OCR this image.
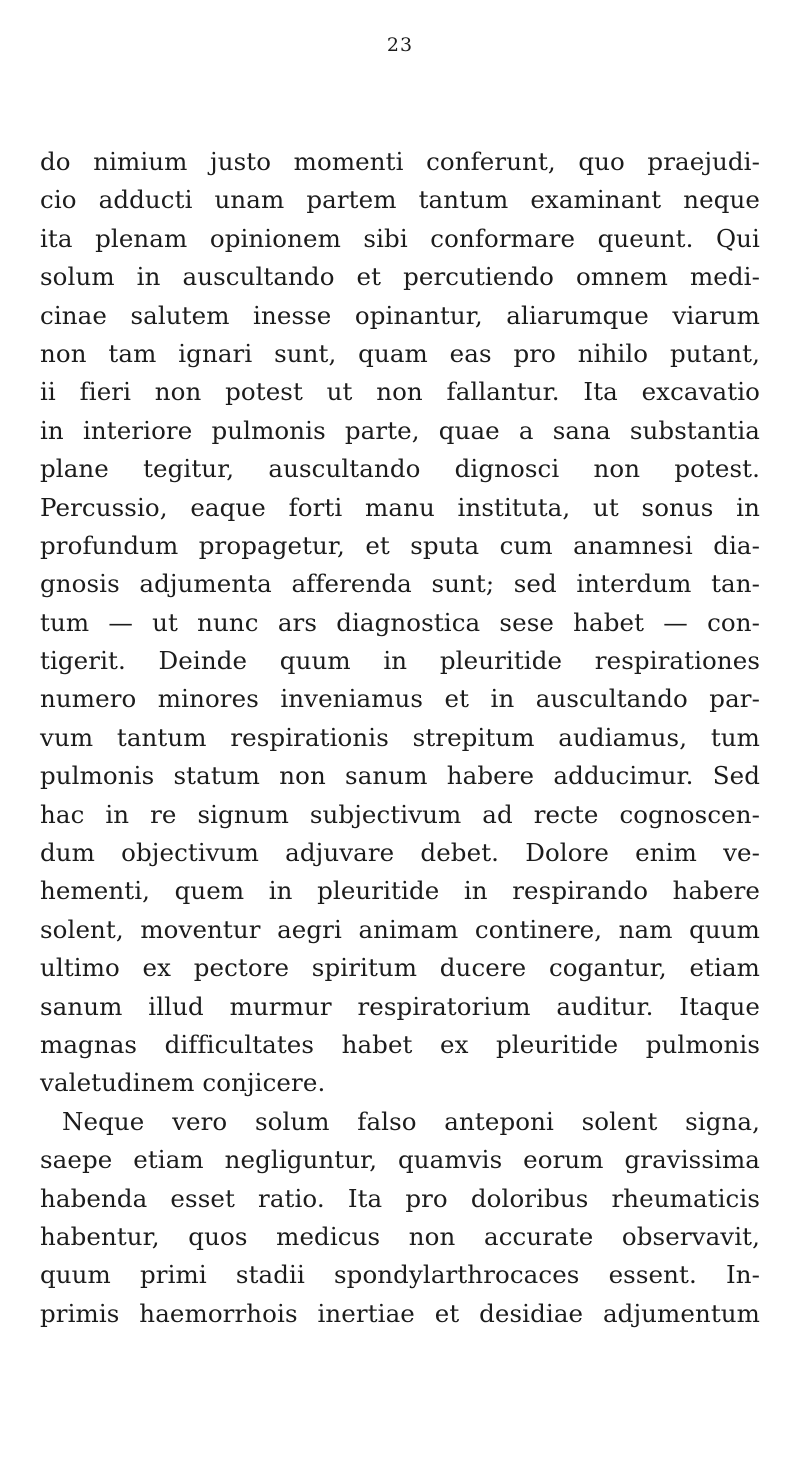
23
do nimium justo momenti conferunt, quo praejudi-
cio adducti unam partem tantum examinant neque
ita plenam opinionem sibi conformare queunt. Qui
solum in auscultando et percutiendo omnem medi-
cinae salutem inesse opinantur, aliarumque viarum
non tam ignari sunt, quam eas pro nihilo putant,
ii fieri non potest ut non fallantur. Ita excavatio
in interiore pulmonis parte, quae a sana substantia
plane tegitur, auscultando dignosci non potest.
Percussio, eaque forti manu instituta, ut sonus in
profundum propagetur, et sputa cum anamnesi dia-
gnosis adjumenta afferenda sunt; sed interdum tan-
tum — ut nunc ars diagnostica sese habet — con-
tigerit. Deinde quum in pleuritide respirationes
numero minores inveniamus et in auscultando par-
vum tantum respirationis strepitum audiamus, tum
pulmonis statum non sanum habere adducimur. Sed
hac in re signum subjectivum ad recte cognoscen-
dum objectivum adjuvare debet. Dolore enim ve-
hementi, quem in pleuritide in respirando habere
solent, moventur aegri animam continere, nam quum
ultimo ex pectore spiritum ducere cogantur, etiam
sanum illud murmur respiratorium auditur. Itaque
magnas difficultates habet ex pleuritide pulmonis
valetudinem conjicere.
Neque vero solum falso anteponi solent signa,
saepe etiam negliguntur, quamvis eorum gravissima
habenda esset ratio. Ita pro doloribus rheumaticis
habentur, quos medicus non accurate observavit,
quum primi stadii spondylarthrocaces essent. In-
primis haemorrhois inertiae et desidiae adjumentum
